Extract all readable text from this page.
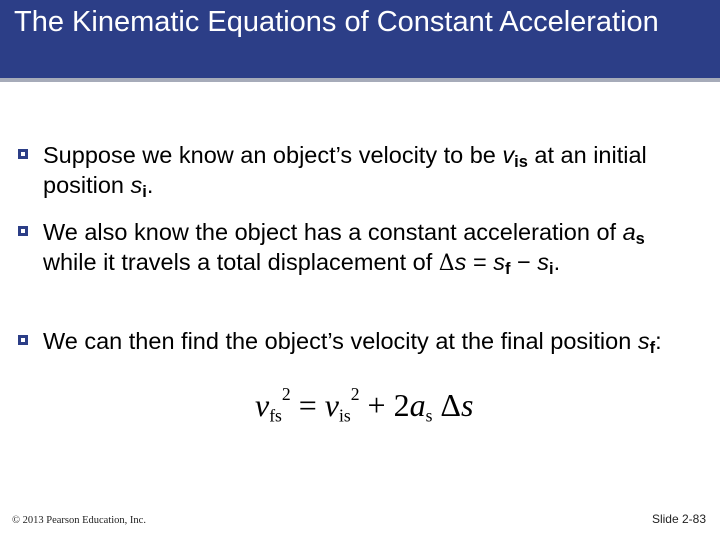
The Kinematic Equations of Constant Acceleration
Suppose we know an object’s velocity to be $v_{is}$ at an initial position $s_i$.
We also know the object has a constant acceleration of $a_s$ while it travels a total displacement of $\Delta s = s_f - s_i$.
We can then find the object’s velocity at the final position $s_f$:
$v_{fs}^2 = v_{is}^2 + 2a_s$ Δs
© 2013 Pearson Education, Inc.	Slide 2-83
